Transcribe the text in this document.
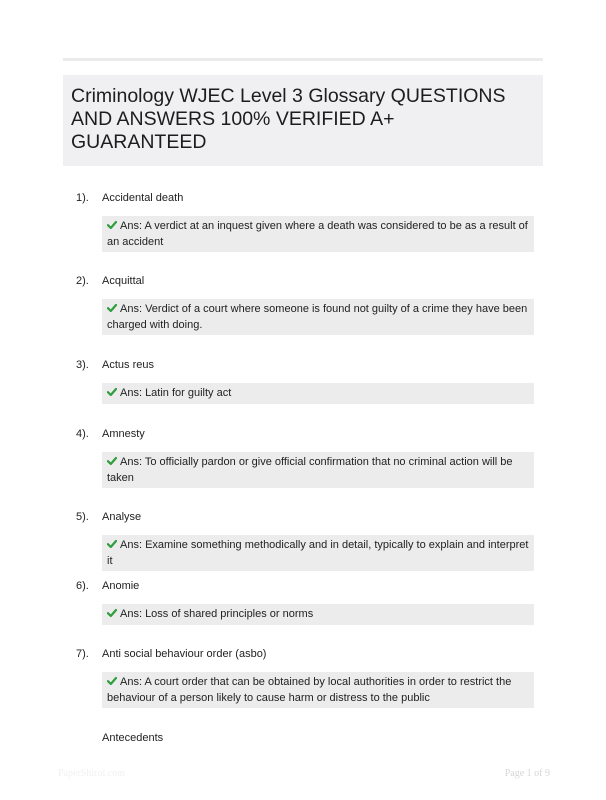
Criminology WJEC Level 3 Glossary QUESTIONS AND ANSWERS 100% VERIFIED A+ GUARANTEED
1). Accidental death
Ans: A verdict at an inquest given where a death was considered to be as a result of an accident
2). Acquittal
Ans: Verdict of a court where someone is found not guilty of a crime they have been charged with doing.
3). Actus reus
Ans: Latin for guilty act
4). Amnesty
Ans: To officially pardon or give official confirmation that no criminal action will be taken
5). Analyse
Ans: Examine something methodically and in detail, typically to explain and interpret it
6). Anomie
Ans: Loss of shared principles or norms
7). Anti social behaviour order (asbo)
Ans: A court order that can be obtained by local authorities in order to restrict the behaviour of a person likely to cause harm or distress to the public
Antecedents
PaperShiroi.com	Page 1 of 9
